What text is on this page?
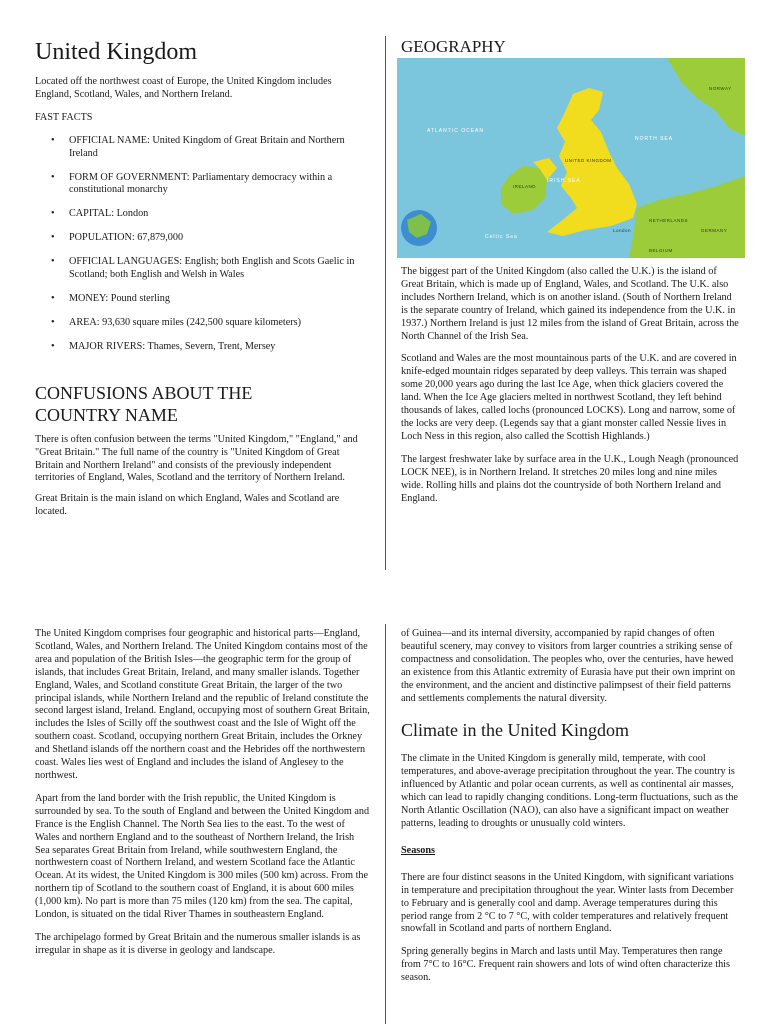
United Kingdom

Located off the northwest coast of Europe, the United Kingdom includes England, Scotland, Wales, and Northern Ireland.

FAST FACTS

• OFFICIAL NAME: United Kingdom of Great Britain and Northern Ireland
• FORM OF GOVERNMENT: Parliamentary democracy within a constitutional monarchy
• CAPITAL: London
• POPULATION: 67,879,000
• OFFICIAL LANGUAGES: English; both English and Scots Gaelic in Scotland; both English and Welsh in Wales
• MONEY: Pound sterling
• AREA: 93,630 square miles (242,500 square kilometers)
• MAJOR RIVERS: Thames, Severn, Trent, Mersey
CONFUSIONS ABOUT THE COUNTRY NAME

There is often confusion between the terms "United Kingdom," "England," and "Great Britain." The full name of the country is "United Kingdom of Great Britain and Northern Ireland" and consists of the previously independent territories of England, Wales, Scotland and the territory of Northern Ireland.

Great Britain is the main island on which England, Wales and Scotland are located.

GEOGRAPHY
ATLANTIC OCEAN
NORTH SEA
Celtic Sea
IRISH SEA
UNITED KINGDOM
IRELAND
London
NORWAY
NETHERLANDS
GERMANY
BELGIUM

The biggest part of the United Kingdom (also called the U.K.) is the island of Great Britain, which is made up of England, Wales, and Scotland. The U.K. also includes Northern Ireland, which is on another island. (South of Northern Ireland is the separate country of Ireland, which gained its independence from the U.K. in 1937.) Northern Ireland is just 12 miles from the island of Great Britain, across the North Channel of the Irish Sea.

Scotland and Wales are the most mountainous parts of the U.K. and are covered in knife-edged mountain ridges separated by deep valleys. This terrain was shaped some 20,000 years ago during the last Ice Age, when thick glaciers covered the land. When the Ice Age glaciers melted in northwest Scotland, they left behind thousands of lakes, called lochs (pronounced LOCKS). Long and narrow, some of the locks are very deep. (Legends say that a giant monster called Nessie lives in Loch Ness in this region, also called the Scottish Highlands.)

The largest freshwater lake by surface area in the U.K., Lough Neagh (pronounced LOCK NEE), is in Northern Ireland. It stretches 20 miles long and nine miles wide. Rolling hills and plains dot the countryside of both Northern Ireland and England.

The United Kingdom comprises four geographic and historical parts—England, Scotland, Wales, and Northern Ireland. The United Kingdom contains most of the area and population of the British Isles—the geographic term for the group of islands, that includes Great Britain, Ireland, and many smaller islands. Together England, Wales, and Scotland constitute Great Britain, the larger of the two principal islands, while Northern Ireland and the republic of Ireland constitute the second largest island, Ireland. England, occupying most of southern Great Britain, includes the Isles of Scilly off the southwest coast and the Isle of Wight off the southern coast. Scotland, occupying northern Great Britain, includes the Orkney and Shetland islands off the northern coast and the Hebrides off the northwestern coast. Wales lies west of England and includes the island of Anglesey to the northwest.

Apart from the land border with the Irish republic, the United Kingdom is surrounded by sea. To the south of England and between the United Kingdom and France is the English Channel. The North Sea lies to the east. To the west of Wales and northern England and to the southeast of Northern Ireland, the Irish Sea separates Great Britain from Ireland, while southwestern England, the northwestern coast of Northern Ireland, and western Scotland face the Atlantic Ocean. At its widest, the United Kingdom is 300 miles (500 km) across. From the northern tip of Scotland to the southern coast of England, it is about 600 miles (1,000 km). No part is more than 75 miles (120 km) from the sea. The capital, London, is situated on the tidal River Thames in southeastern England.

The archipelago formed by Great Britain and the numerous smaller islands is as irregular in shape as it is diverse in geology and landscape.

of Guinea—and its internal diversity, accompanied by rapid changes of often beautiful scenery, may convey to visitors from larger countries a striking sense of compactness and consolidation. The peoples who, over the centuries, have hewed an existence from this Atlantic extremity of Eurasia have put their own imprint on the environment, and the ancient and distinctive palimpsest of their field patterns and settlements complements the natural diversity.

Climate in the United Kingdom

The climate in the United Kingdom is generally mild, temperate, with cool temperatures, and above-average precipitation throughout the year. The country is influenced by Atlantic and polar ocean currents, as well as continental air masses, which can lead to rapidly changing conditions. Long-term fluctuations, such as the North Atlantic Oscillation (NAO), can also have a significant impact on weather patterns, leading to droughts or unusually cold winters.

Seasons

There are four distinct seasons in the United Kingdom, with significant variations in temperature and precipitation throughout the year. Winter lasts from December to February and is generally cool and damp. Average temperatures during this period range from 2 °C to 7 °C, with colder temperatures and relatively frequent snowfall in Scotland and parts of northern England.

Spring generally begins in March and lasts until May. Temperatures then range from 7°C to 16°C. Frequent rain showers and lots of wind often characterize this season.
